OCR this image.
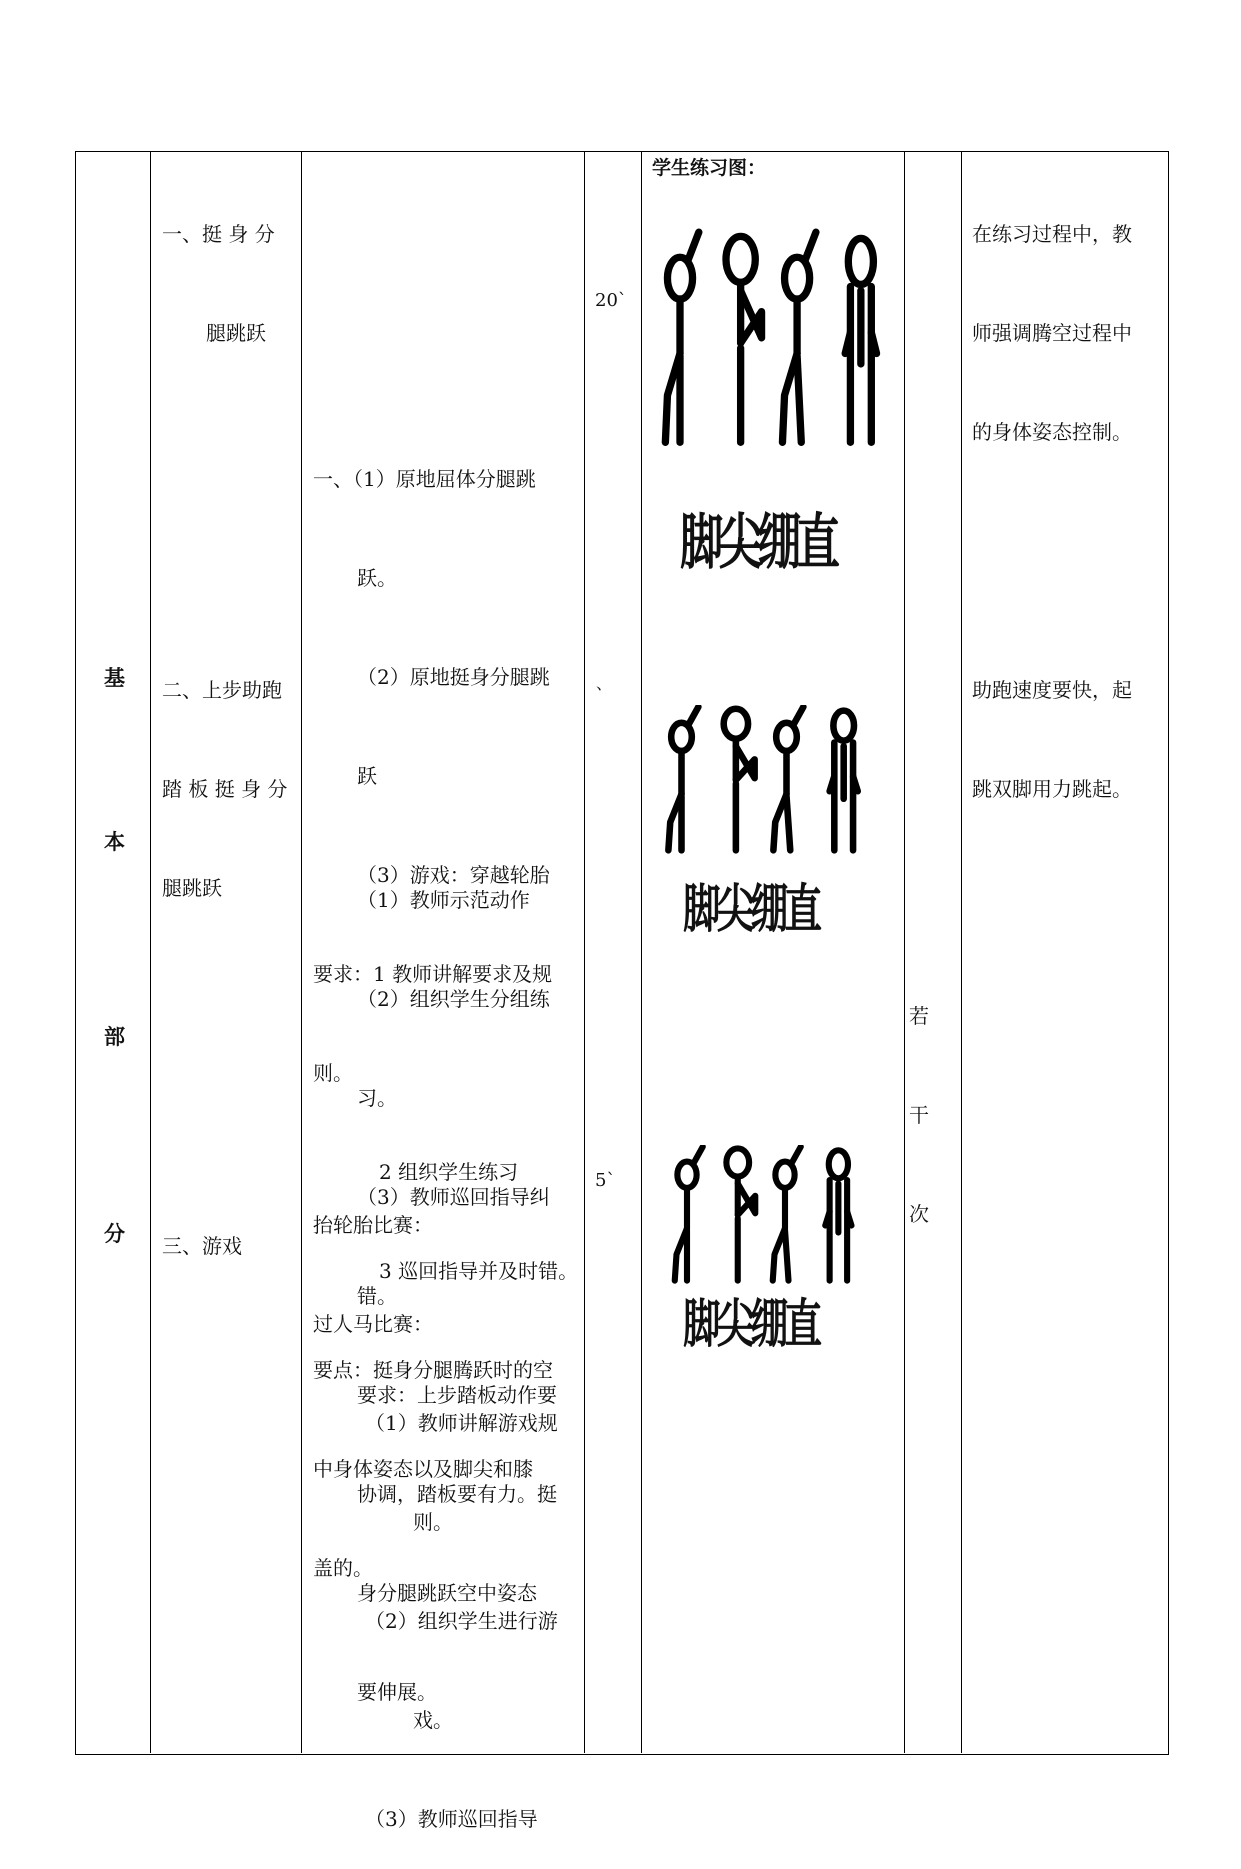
基
本
部
分

一、挺 身 分

腿跳跃

二、上步助跑

踏 板 挺 身 分

腿跳跃

三、游戏

一、（1）原地屈体分腿跳

跃。

（2）原地挺身分腿跳

跃

（3）游戏：穿越轮胎

要求：1 教师讲解要求及规

则。

2 组织学生练习

3 巡回指导并及时错。

要点：挺身分腿腾跃时的空

中身体姿态以及脚尖和膝

盖的。

（1）教师示范动作

（2）组织学生分组练

习。

（3）教师巡回指导纠

错。

要求：上步踏板动作要

协调，踏板要有力。挺

身分腿跳跃空中姿态

要伸展。

抬轮胎比赛：

过人马比赛：

（1）教师讲解游戏规

则。

（2）组织学生进行游

戏。

（3）教师巡回指导

20`
、
5`
学生练习图：
脚尖绷直
脚尖绷直
脚尖绷直

若

干

次

在练习过程中，教

师强调腾空过程中

的身体姿态控制。

助跑速度要快，起

跳双脚用力跳起。
